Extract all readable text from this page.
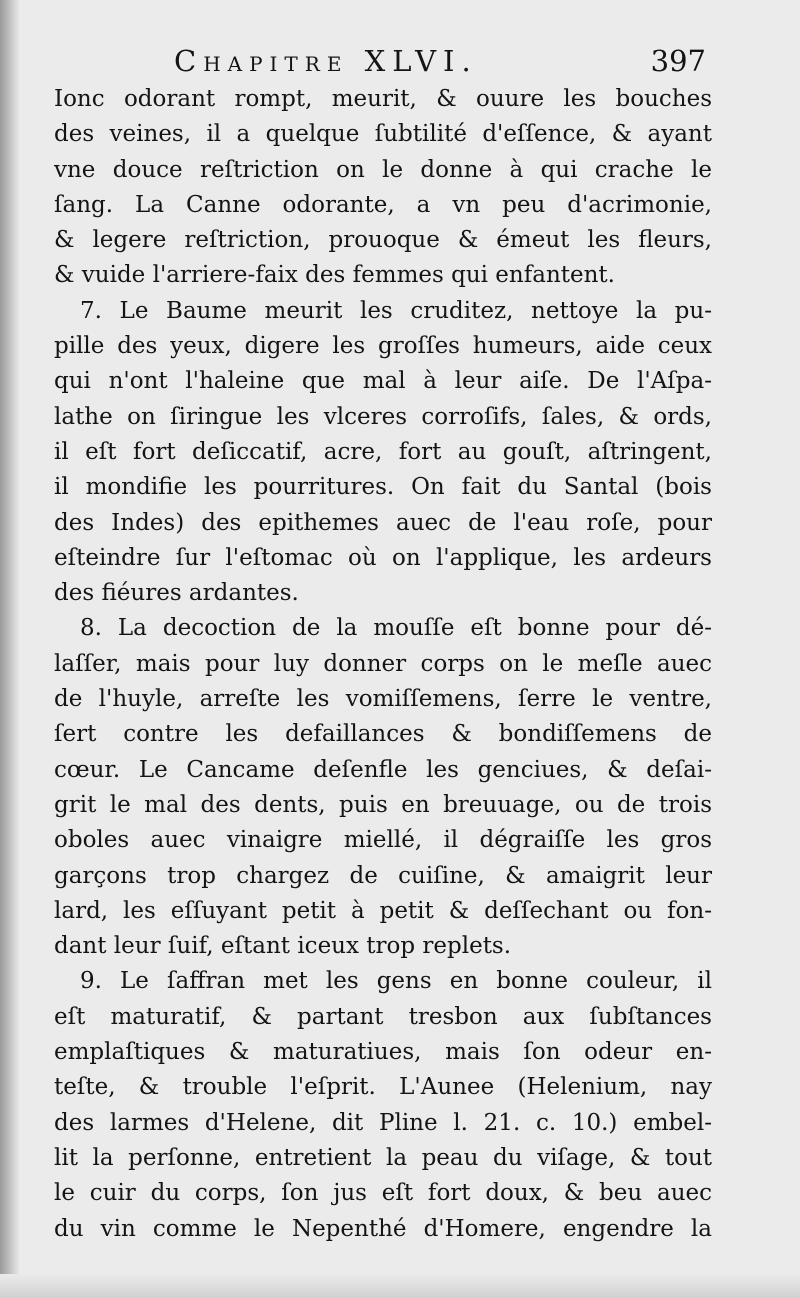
Chapitre XLVI.	397
Ionc odorant rompt, meurit, & ouure les bouches
des veines, il a quelque ſubtilité d'eſſence, & ayant
vne douce reſtriction on le donne à qui crache le
ſang. La Canne odorante, a vn peu d'acrimonie,
& legere reſtriction, prouoque & émeut les fleurs,
& vuide l'arriere-faix des femmes qui enfantent.
7. Le Baume meurit les cruditez, nettoye la pu-
pille des yeux, digere les groſſes humeurs, aide ceux
qui n'ont l'haleine que mal à leur aiſe. De l'Aſpa-
lathe on ſiringue les vlceres corroſifs, ſales, & ords,
il eſt fort deſiccatif, acre, fort au gouſt, aſtringent,
il mondifie les pourritures. On fait du Santal (bois
des Indes) des epithemes auec de l'eau roſe, pour
eſteindre ſur l'eſtomac où on l'applique, les ardeurs
des fiéures ardantes.
8. La decoction de la mouſſe eſt bonne pour dé-
laſſer, mais pour luy donner corps on le meſle auec
de l'huyle, arreſte les vomiſſemens, ſerre le ventre,
ſert contre les defaillances & bondiſſemens de
cœur. Le Cancame deſenfle les genciues, & deſai-
grit le mal des dents, puis en breuuage, ou de trois
oboles auec vinaigre miellé, il dégraiſſe les gros
garçons trop chargez de cuiſine, & amaigrit leur
lard, les eſſuyant petit à petit & deſſechant ou fon-
dant leur ſuif, eſtant iceux trop replets.
9. Le ſaffran met les gens en bonne couleur, il
eſt maturatif, & partant tresbon aux ſubſtances
emplaſtiques & maturatiues, mais ſon odeur en-
teſte, & trouble l'eſprit. L'Aunee (Helenium, nay
des larmes d'Helene, dit Pline l. 21. c. 10.) embel-
lit la perſonne, entretient la peau du viſage, & tout
le cuir du corps, ſon jus eſt fort doux, & beu auec
du vin comme le Nepenthé d'Homere, engendre la
